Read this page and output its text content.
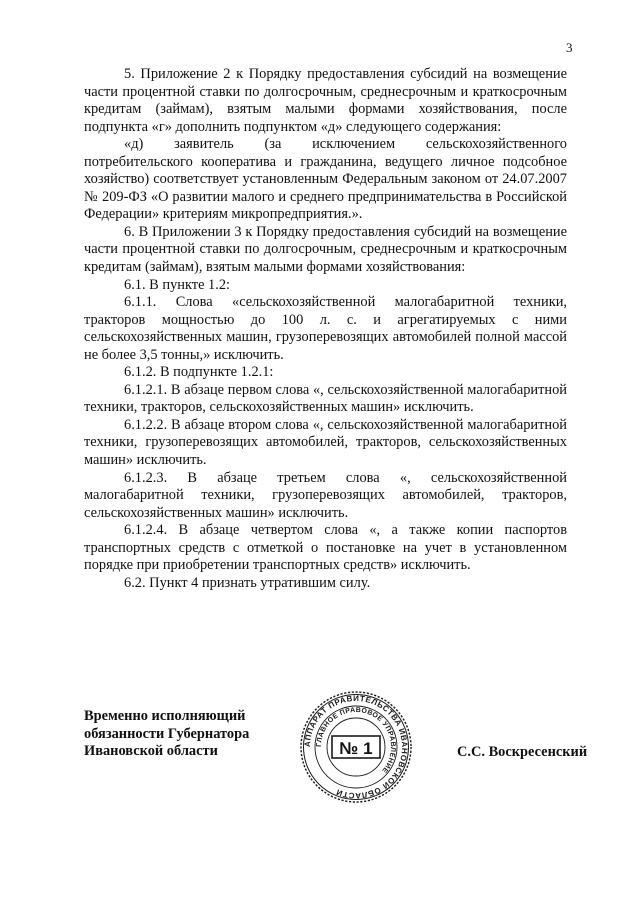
3

5. Приложение 2 к Порядку предоставления субсидий на возмещение части процентной ставки по долгосрочным, среднесрочным и краткосрочным кредитам (займам), взятым малыми формами хозяйствования, после подпункта «г» дополнить подпунктом «д» следующего содержания:

«д) заявитель (за исключением сельскохозяйственного потребительского кооператива и гражданина, ведущего личное подсобное хозяйство) соответствует установленным Федеральным законом от 24.07.2007 № 209-ФЗ «О развитии малого и среднего предпринимательства в Российской Федерации» критериям микропредприятия.».

6. В Приложении 3 к Порядку предоставления субсидий на возмещение части процентной ставки по долгосрочным, среднесрочным и краткосрочным кредитам (займам), взятым малыми формами хозяйствования:

6.1. В пункте 1.2:

6.1.1. Слова «сельскохозяйственной малогабаритной техники, тракторов мощностью до 100 л. с. и агрегатируемых с ними сельскохозяйственных машин, грузоперевозящих автомобилей полной массой не более 3,5 тонны,» исключить.

6.1.2. В подпункте 1.2.1:

6.1.2.1. В абзаце первом слова «, сельскохозяйственной малогабаритной техники, тракторов, сельскохозяйственных машин» исключить.

6.1.2.2. В абзаце втором слова «, сельскохозяйственной малогабаритной техники, грузоперевозящих автомобилей, тракторов, сельскохозяйственных машин» исключить.

6.1.2.3. В абзаце третьем слова «, сельскохозяйственной малогабаритной техники, грузоперевозящих автомобилей, тракторов, сельскохозяйственных машин» исключить.

6.1.2.4. В абзаце четвертом слова «, а также копии паспортов транспортных средств с отметкой о постановке на учет в установленном порядке при приобретении транспортных средств» исключить.

6.2. Пункт 4 признать утратившим силу.

Временно исполняющий
обязанности Губернатора
Ивановской области	АППАРАТ ПРАВИТЕЛЬСТВА ИВАНОВСКОЙ ОБЛАСТИ
ГЛАВНОЕ ПРАВОВОЕ УПРАВЛЕНИЕ
№ 1	С.С. Воскресенский
